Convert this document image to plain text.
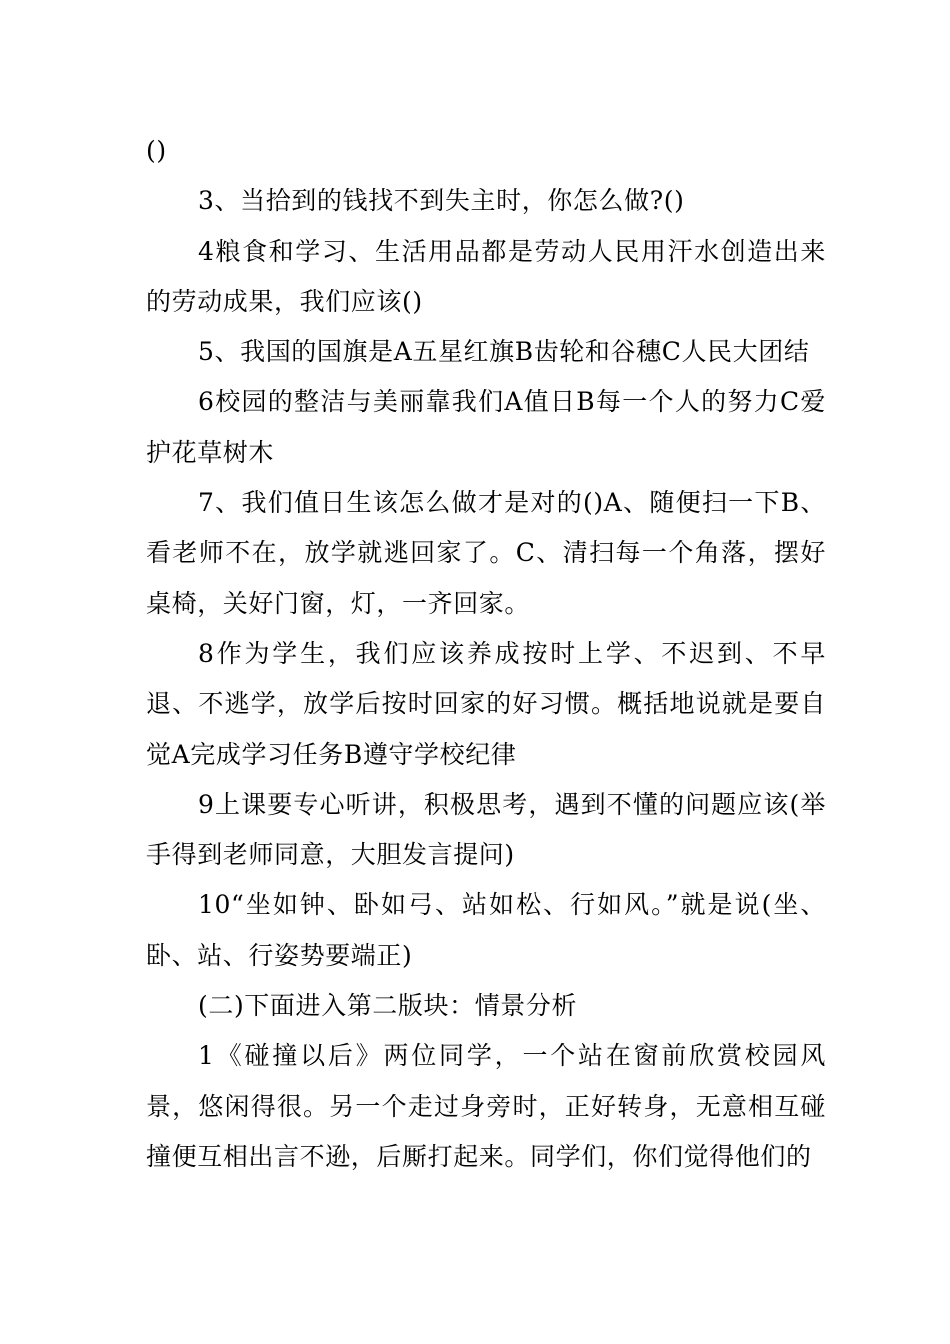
()

3、当拾到的钱找不到失主时，你怎么做?()

4粮食和学习、生活用品都是劳动人民用汗水创造出来的劳动成果，我们应该()

5、我国的国旗是A五星红旗B齿轮和谷穗C人民大团结

6校园的整洁与美丽靠我们A值日B每一个人的努力C爱护花草树木

7、我们值日生该怎么做才是对的()A、随便扫一下B、看老师不在，放学就逃回家了。C、清扫每一个角落，摆好桌椅，关好门窗，灯，一齐回家。

8作为学生，我们应该养成按时上学、不迟到、不早退、不逃学，放学后按时回家的好习惯。概括地说就是要自觉A完成学习任务B遵守学校纪律

9上课要专心听讲，积极思考，遇到不懂的问题应该(举手得到老师同意，大胆发言提问)

10“坐如钟、卧如弓、站如松、行如风。”就是说(坐、卧、站、行姿势要端正)

(二)下面进入第二版块：情景分析

1《碰撞以后》两位同学，一个站在窗前欣赏校园风景，悠闲得很。另一个走过身旁时，正好转身，无意相互碰撞便互相出言不逊，后厮打起来。同学们，你们觉得他们的
